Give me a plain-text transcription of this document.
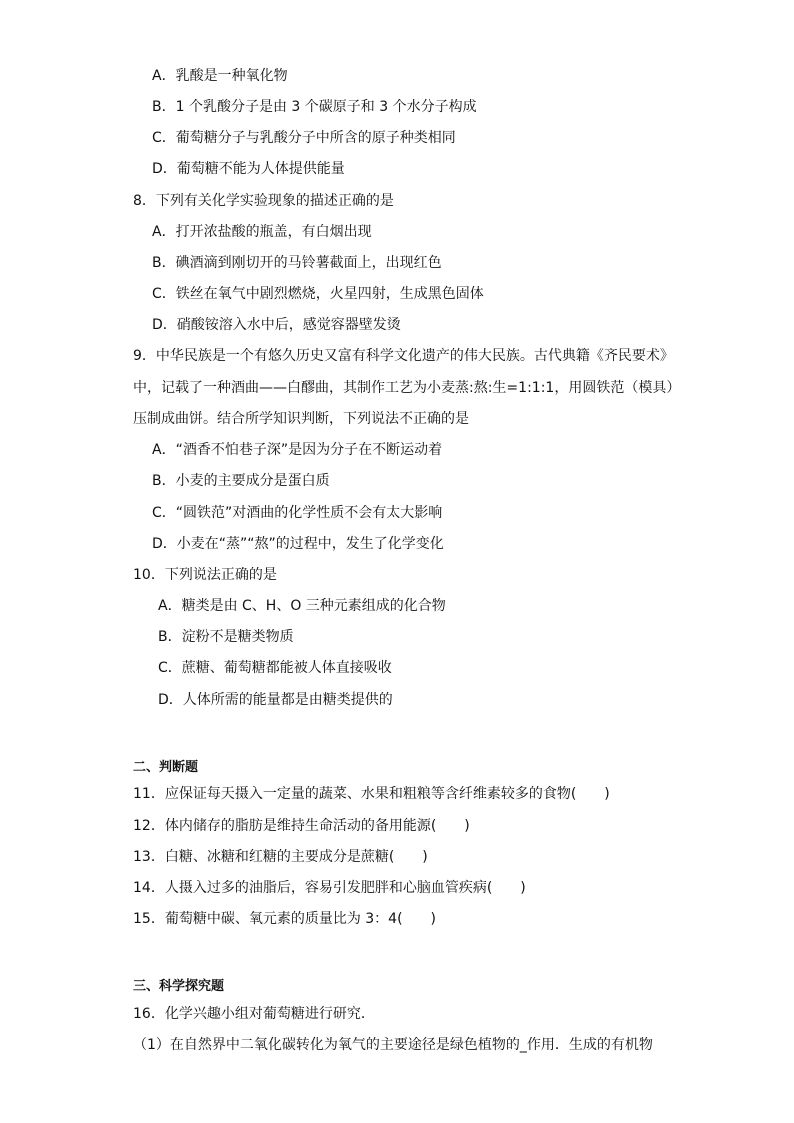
A．乳酸是一种氧化物
B．1 个乳酸分子是由 3 个碳原子和 3 个水分子构成
C．葡萄糖分子与乳酸分子中所含的原子种类相同
D．葡萄糖不能为人体提供能量
8．下列有关化学实验现象的描述正确的是
A．打开浓盐酸的瓶盖，有白烟出现
B．碘酒滴到刚切开的马铃薯截面上，出现红色
C．铁丝在氧气中剧烈燃烧，火星四射，生成黑色固体
D．硝酸铵溶入水中后，感觉容器壁发烫
9．中华民族是一个有悠久历史又富有科学文化遗产的伟大民族。古代典籍《齐民要术》
中，记载了一种酒曲——白醪曲，其制作工艺为小麦蒸:熬:生=1:1:1，用圆铁范（模具）
压制成曲饼。结合所学知识判断，下列说法不正确的是
A．“酒香不怕巷子深”是因为分子在不断运动着
B．小麦的主要成分是蛋白质
C．“圆铁范”对酒曲的化学性质不会有太大影响
D．小麦在“蒸”“熬”的过程中，发生了化学变化
10．下列说法正确的是
A．糖类是由 C、H、O 三种元素组成的化合物
B．淀粉不是糖类物质
C．蔗糖、葡萄糖都能被人体直接吸收
D．人体所需的能量都是由糖类提供的
二、判断题
11．应保证每天摄入一定量的蔬菜、水果和粗粮等含纤维素较多的食物(　　)
12．体内储存的脂肪是维持生命活动的备用能源(　　)
13．白糖、冰糖和红糖的主要成分是蔗糖(　　)
14．人摄入过多的油脂后，容易引发肥胖和心脑血管疾病(　　)
15．葡萄糖中碳、氧元素的质量比为 3：4(　　)
三、科学探究题
16．化学兴趣小组对葡萄糖进行研究．
（1）在自然界中二氧化碳转化为氧气的主要途径是绿色植物的_作用．生成的有机物
